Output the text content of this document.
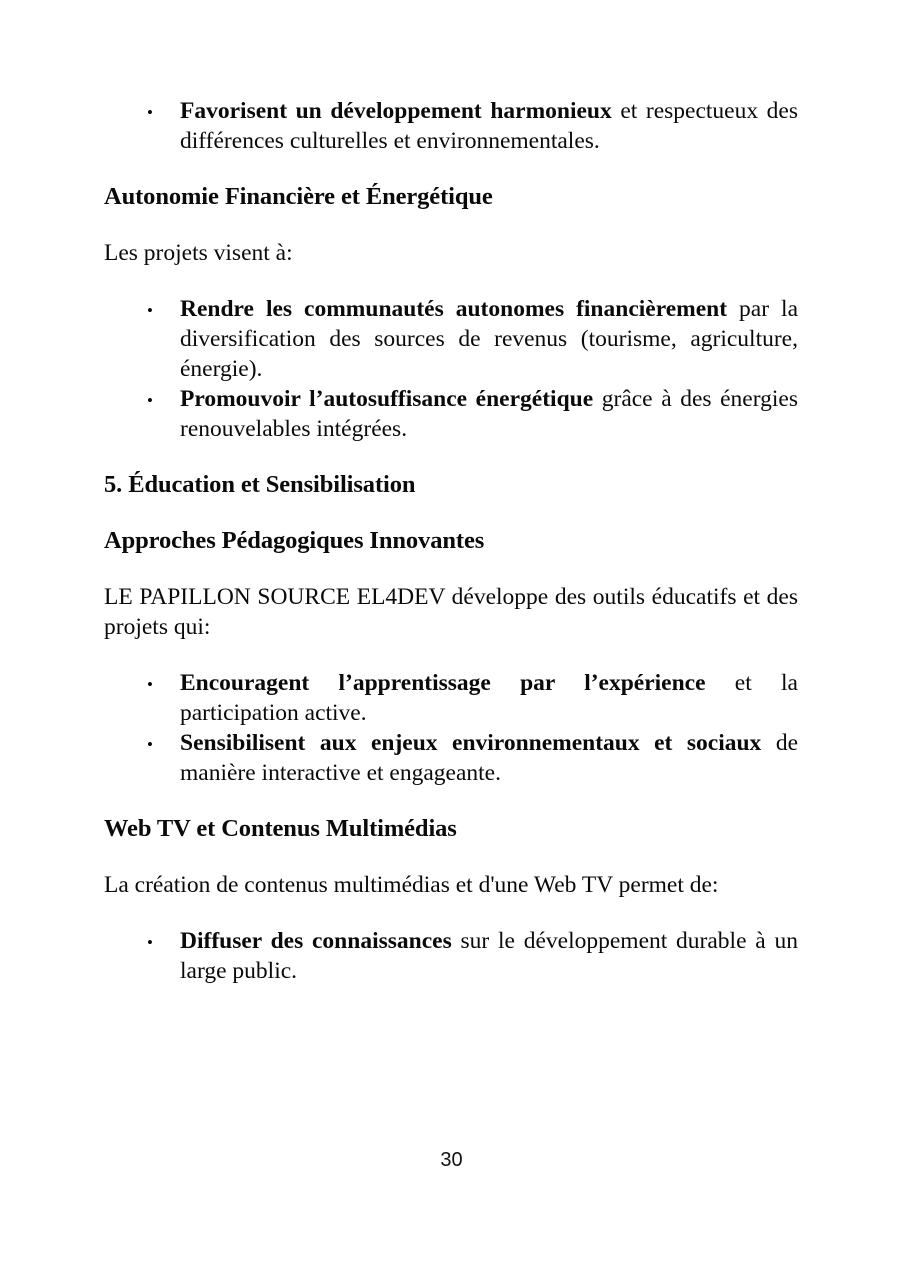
•
Favorisent un développement harmonieux et respectueux des différences culturelles et environnementales.
Autonomie Financière et Énergétique

Les projets visent à:

•
Rendre les communautés autonomes financièrement par la diversification des sources de revenus (tourisme, agriculture, énergie).
•
Promouvoir l’autosuffisance énergétique grâce à des énergies renouvelables intégrées.
5. Éducation et Sensibilisation
Approches Pédagogiques Innovantes

LE PAPILLON SOURCE EL4DEV développe des outils éducatifs et des projets qui:

•
Encouragent l’apprentissage par l’expérience et la participation active.
•
Sensibilisent aux enjeux environnementaux et sociaux de manière interactive et engageante.
Web TV et Contenus Multimédias

La création de contenus multimédias et d'une Web TV permet de:

•
Diffuser des connaissances sur le développement durable à un large public.
30
